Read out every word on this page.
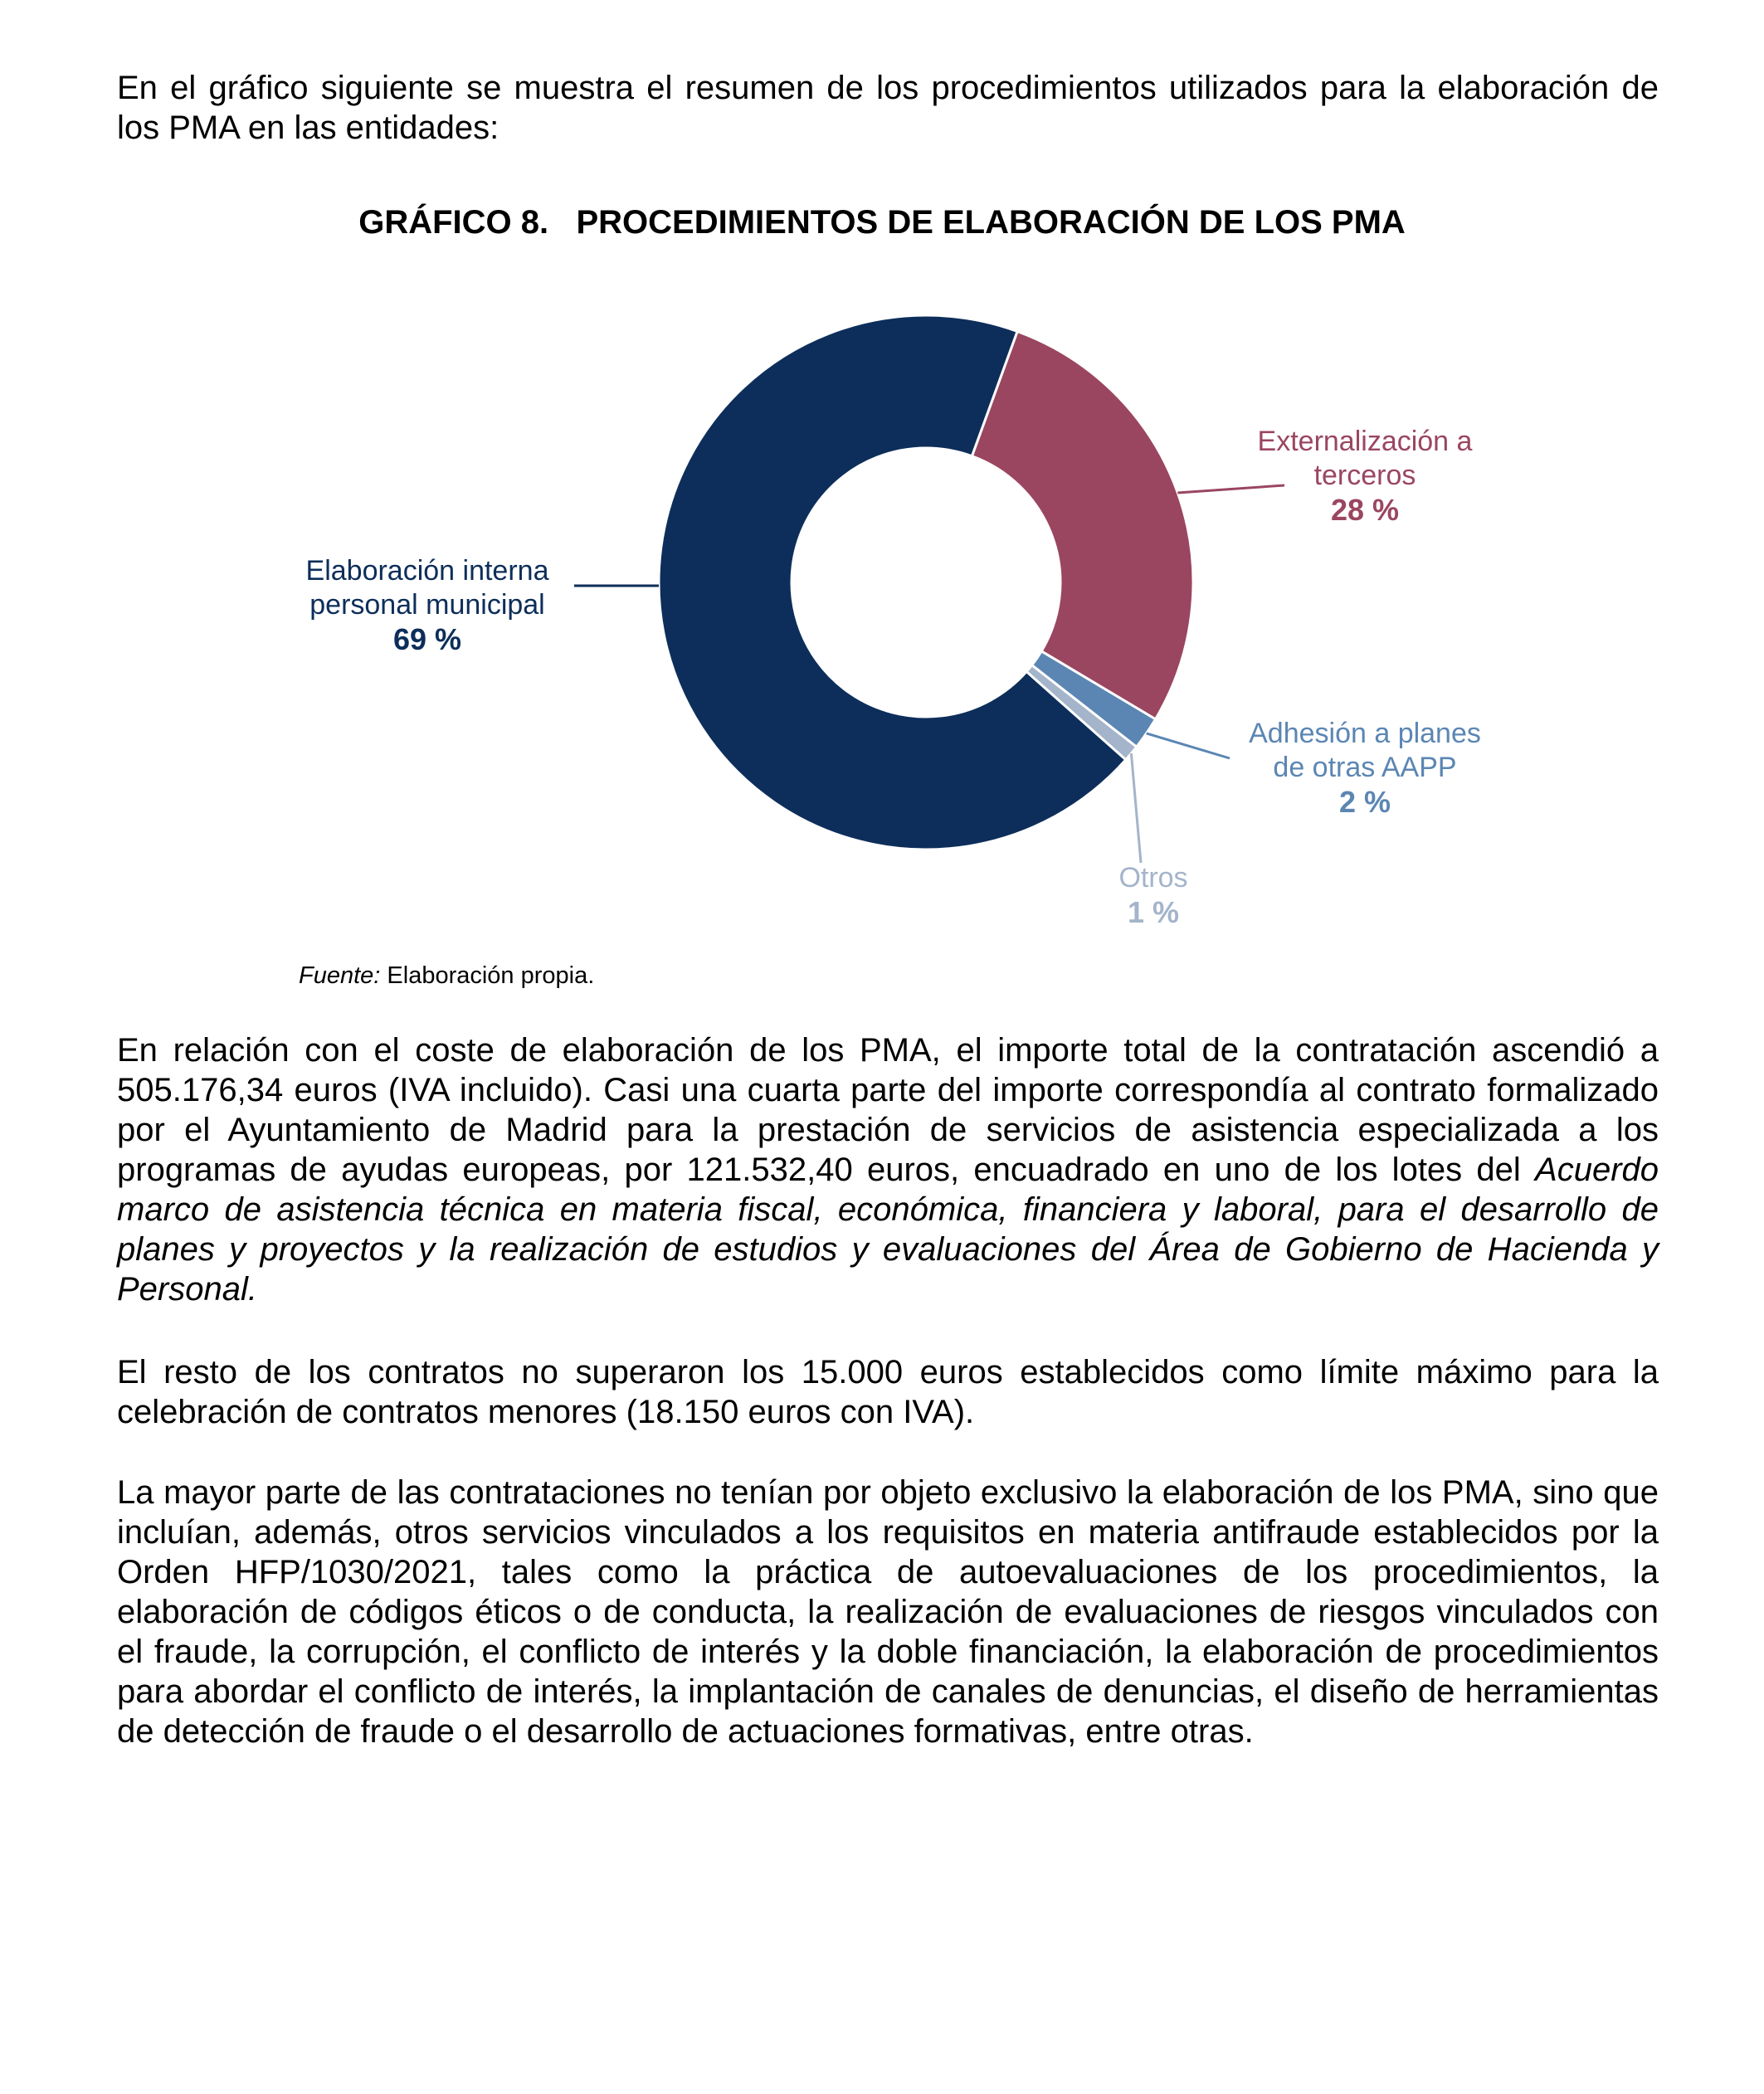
En el gráfico siguiente se muestra el resumen de los procedimientos utilizados para la elaboración de los PMA en las entidades:

GRÁFICO 8. PROCEDIMIENTOS DE ELABORACIÓN DE LOS PMA
Externalización a
terceros
28 %
Adhesión a planes
de otras AAPP
2 %
Otros
1 %
Elaboración interna
personal municipal
69 %
Fuente: Elaboración propia.

En relación con el coste de elaboración de los PMA, el importe total de la contratación ascendió a 505.176,34 euros (IVA incluido). Casi una cuarta parte del importe correspondía al contrato formalizado por el Ayuntamiento de Madrid para la prestación de servicios de asistencia especializada a los programas de ayudas europeas, por 121.532,40 euros, encuadrado en uno de los lotes del Acuerdo marco de asistencia técnica en materia fiscal, económica, financiera y laboral, para el desarrollo de planes y proyectos y la realización de estudios y evaluaciones del Área de Gobierno de Hacienda y Personal.

El resto de los contratos no superaron los 15.000 euros establecidos como límite máximo para la celebración de contratos menores (18.150 euros con IVA).

La mayor parte de las contrataciones no tenían por objeto exclusivo la elaboración de los PMA, sino que incluían, además, otros servicios vinculados a los requisitos en materia antifraude establecidos por la Orden HFP/1030/2021, tales como la práctica de autoevaluaciones de los procedimientos, la elaboración de códigos éticos o de conducta, la realización de evaluaciones de riesgos vinculados con el fraude, la corrupción, el conflicto de interés y la doble financiación, la elaboración de procedimientos para abordar el conflicto de interés, la implantación de canales de denuncias, el diseño de herramientas de detección de fraude o el desarrollo de actuaciones formativas, entre otras.
